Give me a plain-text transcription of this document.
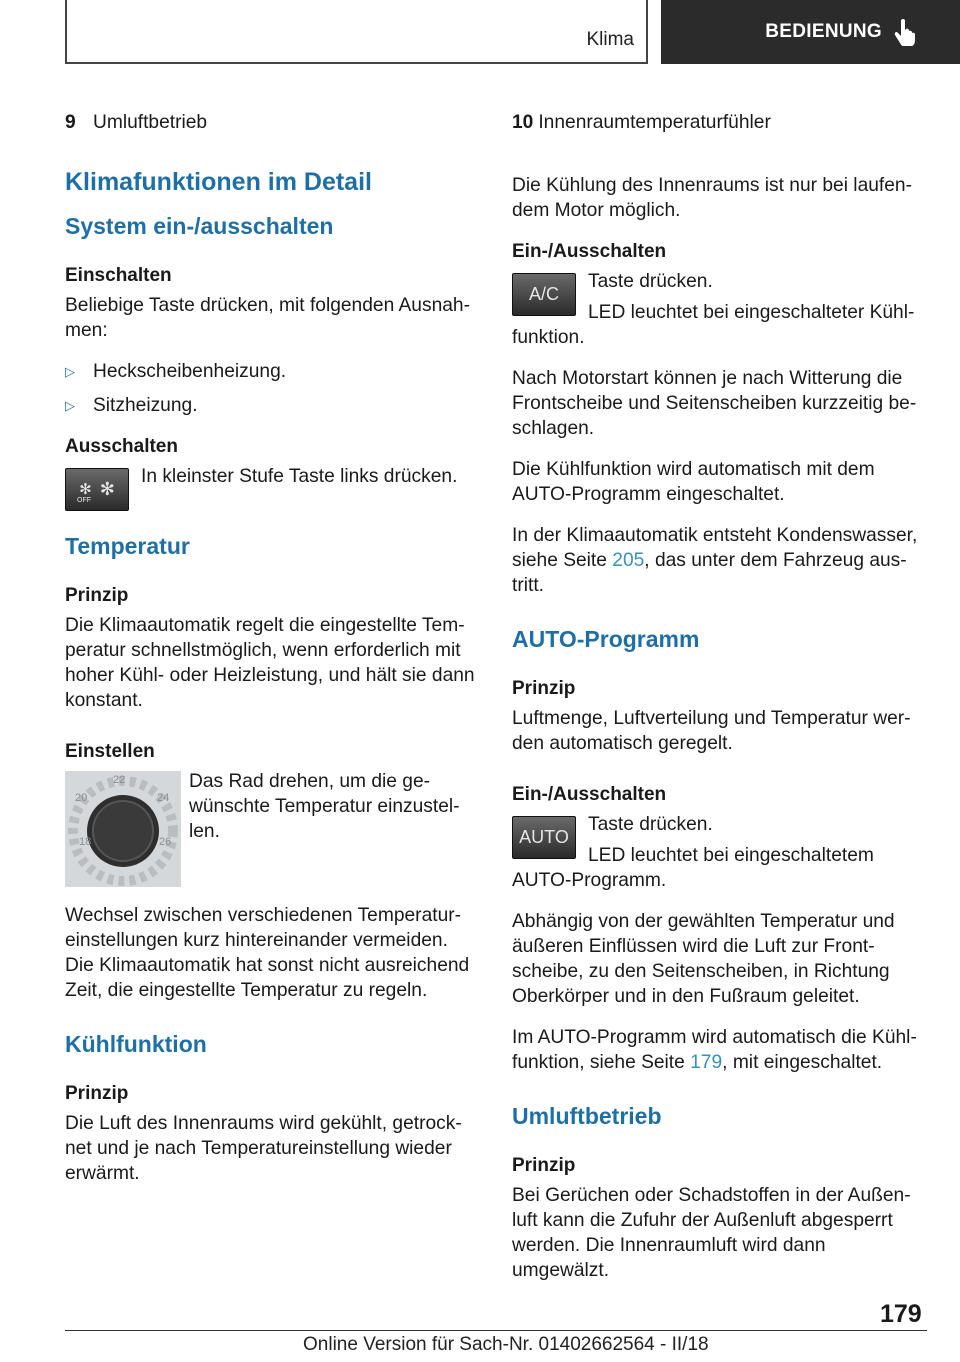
Klima	BEDIENUNG
9 Umluftbetrieb
Klimafunktionen im Detail
System ein-/ausschalten
Einschalten

Beliebige Taste drücken, mit folgenden Ausnahmen:

▷ Heckscheibenheizung.
▷ Sitzheizung.
Ausschalten
✻
OFF
✻
In kleinster Stufe Taste links drücken.
Temperatur
Prinzip

Die Klimaautomatik regelt die eingestellte Temperatur schnellstmöglich, wenn erforderlich mit hoher Kühl- oder Heizleistung, und hält sie dann konstant.

Einstellen
18
20
22
24
26
Das Rad drehen, um die gewünschte Temperatur einzustellen.

Wechsel zwischen verschiedenen Temperatureinstellungen kurz hintereinander vermeiden. Die Klimaautomatik hat sonst nicht ausreichend Zeit, die eingestellte Temperatur zu regeln.

Kühlfunktion
Prinzip

Die Luft des Innenraums wird gekühlt, getrocknet und je nach Temperatureinstellung wieder erwärmt.

10 Innenraumtemperaturfühler

Die Kühlung des Innenraums ist nur bei laufendem Motor möglich.

Ein-/Ausschalten
A/C
Taste drücken.
LED leuchtet bei eingeschalteter Kühlfunktion.

Nach Motorstart können je nach Witterung die Frontscheibe und Seitenscheiben kurzzeitig beschlagen.

Die Kühlfunktion wird automatisch mit dem AUTO-Programm eingeschaltet.

In der Klimaautomatik entsteht Kondenswasser, siehe Seite 205, das unter dem Fahrzeug austritt.

AUTO-Programm
Prinzip

Luftmenge, Luftverteilung und Temperatur werden automatisch geregelt.

Ein-/Ausschalten
AUTO
Taste drücken.
LED leuchtet bei eingeschaltetem AUTO-Programm.

Abhängig von der gewählten Temperatur und äußeren Einflüssen wird die Luft zur Frontscheibe, zu den Seitenscheiben, in Richtung Oberkörper und in den Fußraum geleitet.

Im AUTO-Programm wird automatisch die Kühlfunktion, siehe Seite 179, mit eingeschaltet.

Umluftbetrieb
Prinzip

Bei Gerüchen oder Schadstoffen in der Außenluft kann die Zufuhr der Außenluft abgesperrt werden. Die Innenraumluft wird dann umgewälzt.

179
Online Version für Sach-Nr. 01402662564 - II/18
